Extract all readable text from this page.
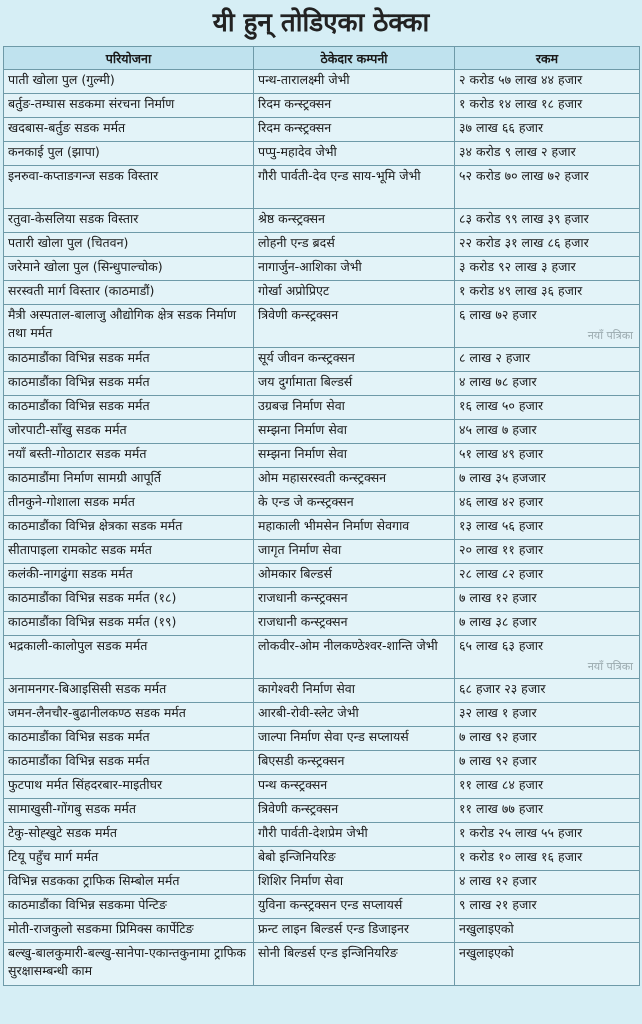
यी हुन् तोडिएका ठेक्का
परियोजना	ठेकेदार कम्पनी	रकम
पाती खोला पुल (गुल्मी)	पन्थ-तारालक्ष्मी जेभी	२ करोड ५७ लाख ४४ हजार
बर्तुङ-तम्घास सडकमा संरचना निर्माण	रिदम कन्स्ट्रक्सन	१ करोड १४ लाख १८ हजार
खदबास-बर्तुङ सडक मर्मत	रिदम कन्स्ट्रक्सन	३७ लाख ६६ हजार
कनकाई पुल (झापा)	पप्पु-महादेव जेभी	३४ करोड ९ लाख २ हजार
इनरुवा-कप्ताङगन्ज सडक विस्तार	गौरी पार्वती-देव एन्ड साय-भूमि जेभी	५२ करोड ७० लाख ७२ हजार
रतुवा-केसलिया सडक विस्तार	श्रेष्ठ कन्स्ट्रक्सन	८३ करोड ९९ लाख ३९ हजार
पतारी खोला पुल (चितवन)	लोहनी एन्ड ब्रदर्स	२२ करोड ३१ लाख ८६ हजार
जरेमाने खोला पुल (सिन्धुपाल्चोक)	नागार्जुन-आशिका जेभी	३ करोड ९२ लाख ३ हजार
सरस्वती मार्ग विस्तार (काठमाडौं)	गोर्खा अप्रोप्रिएट	१ करोड ४९ लाख ३६ हजार
मैत्री अस्पताल-बालाजु औद्योगिक क्षेत्र सडक निर्माण तथा मर्मत	त्रिवेणी कन्स्ट्रक्सन	६ लाख ७२ हजार
नयाँ पत्रिका

काठमाडौंका विभिन्न सडक मर्मत	सूर्य जीवन कन्स्ट्रक्सन	८ लाख २ हजार
काठमाडौंका विभिन्न सडक मर्मत	जय दुर्गामाता बिल्डर्स	४ लाख ७८ हजार
काठमाडौंका विभिन्न सडक मर्मत	उग्रबज्र निर्माण सेवा	१६ लाख ५० हजार
जोरपाटी-साँखु सडक मर्मत	सम्झना निर्माण सेवा	४५ लाख ७ हजार
नयाँ बस्ती-गोठाटार सडक मर्मत	सम्झना निर्माण सेवा	५१ लाख ४९ हजार
काठमाडौंमा निर्माण सामग्री आपूर्ति	ओम महासरस्वती कन्स्ट्रक्सन	७ लाख ३५ हजजार
तीनकुने-गोशाला सडक मर्मत	के एन्ड जे कन्स्ट्रक्सन	४६ लाख ४२ हजार
काठमाडौंका विभिन्न क्षेत्रका सडक मर्मत	महाकाली भीमसेन निर्माण सेवगाव	१३ लाख ५६ हजार
सीतापाइला रामकोट सडक मर्मत	जागृत निर्माण सेवा	२० लाख ११ हजार
कलंकी-नागढुंगा सडक मर्मत	ओमकार बिल्डर्स	२८ लाख ८२ हजार
काठमाडौंका विभिन्न सडक मर्मत (१८)	राजधानी कन्स्ट्रक्सन	७ लाख १२ हजार
काठमाडौंका विभिन्न सडक मर्मत (१९)	राजधानी कन्स्ट्रक्सन	७ लाख ३८ हजार
भद्रकाली-कालोपुल सडक मर्मत	लोकवीर-ओम नीलकण्ठेश्वर-शान्ति जेभी	६५ लाख ६३ हजार
नयाँ पत्रिका

अनामनगर-बिआइसिसी सडक मर्मत	कागेश्वरी निर्माण सेवा	६८ हजार २३ हजार
जमन-लैनचौर-बुढानीलकण्ठ सडक मर्मत	आरबी-रोवी-स्लेट जेभी	३२ लाख १ हजार
काठमाडौंका विभिन्न सडक मर्मत	जाल्पा निर्माण सेवा एन्ड सप्लायर्स	७ लाख ९२ हजार
काठमाडौंका विभिन्न सडक मर्मत	बिएसडी कन्स्ट्रक्सन	७ लाख ९२ हजार
फुटपाथ मर्मत सिंहदरबार-माइतीघर	पन्थ कन्स्ट्रक्सन	११ लाख ८४ हजार
सामाखुसी-गोंगबु सडक मर्मत	त्रिवेणी कन्स्ट्रक्सन	११ लाख ७७ हजार
टेकु-सोह्खुटे सडक मर्मत	गौरी पार्वती-देशप्रेम जेभी	१ करोड २५ लाख ५५ हजार
टियू पहुँच मार्ग मर्मत	बेबो इन्जिनियरिङ	१ करोड १० लाख १६ हजार
विभिन्न सडकका ट्राफिक सिम्बोल मर्मत	शिशिर निर्माण सेवा	४ लाख १२ हजार
काठमाडौंका विभिन्न सडकमा पेन्टिङ	युविना कन्स्ट्रक्सन एन्ड सप्लायर्स	९ लाख २१ हजार
मोती-राजकुलो सडकमा प्रिमिक्स कार्पेटिङ	फ्रन्ट लाइन बिल्डर्स एन्ड डिजाइनर	नखुलाइएको
बल्खु-बालकुमारी-बल्खु-सानेपा-एकान्तकुनामा ट्राफिक सुरक्षासम्बन्धी काम	सोनी बिल्डर्स एन्ड इन्जिनियरिङ	नखुलाइएको
